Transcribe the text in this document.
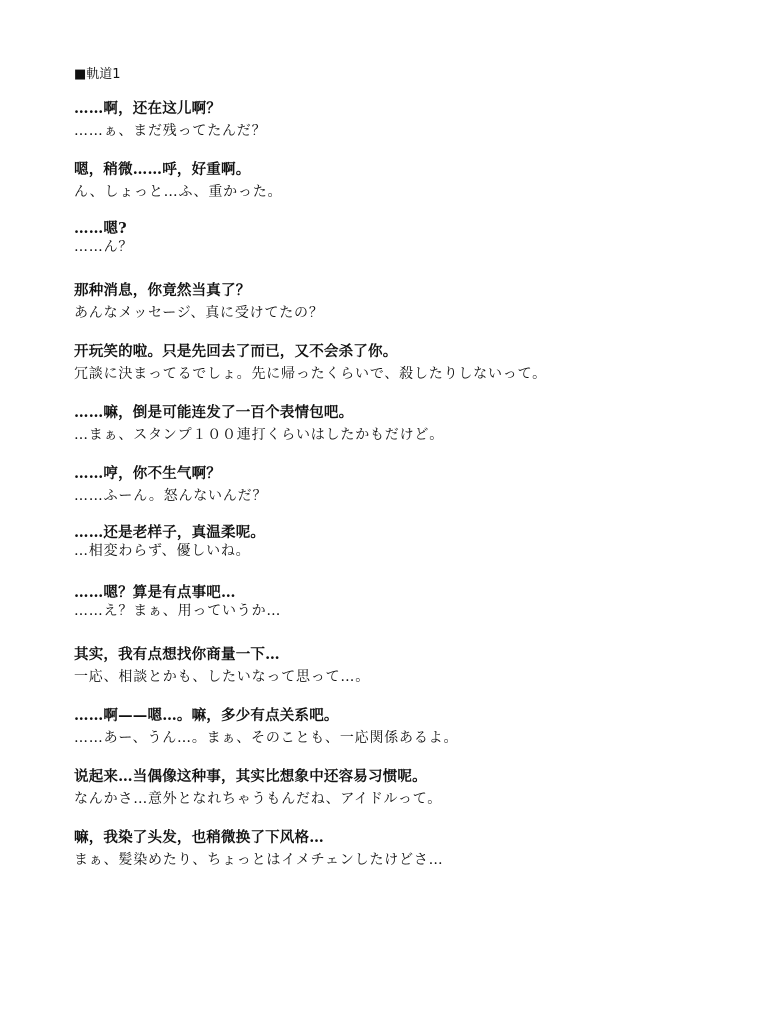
■軌道1

……啊，还在这儿啊？

……ぁ、まだ残ってたんだ？

嗯，稍微……呼，好重啊。

ん、しょっと…ふ、重かった。

……嗯?

……ん？

那种消息，你竟然当真了？

あんなメッセージ、真に受けてたの？

开玩笑的啦。只是先回去了而已，又不会杀了你。

冗談に決まってるでしょ。先に帰ったくらいで、殺したりしないって。

……嘛，倒是可能连发了一百个表情包吧。

…まぁ、スタンプ１００連打くらいはしたかもだけど。

……哼，你不生气啊？

……ふーん。怒んないんだ？

……还是老样子，真温柔呢。

…相変わらず、優しいね。

……嗯？算是有点事吧…

……え？まぁ、用っていうか…

其实，我有点想找你商量一下…

一応、相談とかも、したいなって思って…。

……啊——嗯…。嘛，多少有点关系吧。

……あー、うん…。まぁ、そのことも、一応関係あるよ。

说起来…当偶像这种事，其实比想象中还容易习惯呢。

なんかさ…意外となれちゃうもんだね、アイドルって。

嘛，我染了头发，也稍微换了下风格…

まぁ、髪染めたり、ちょっとはイメチェンしたけどさ…
